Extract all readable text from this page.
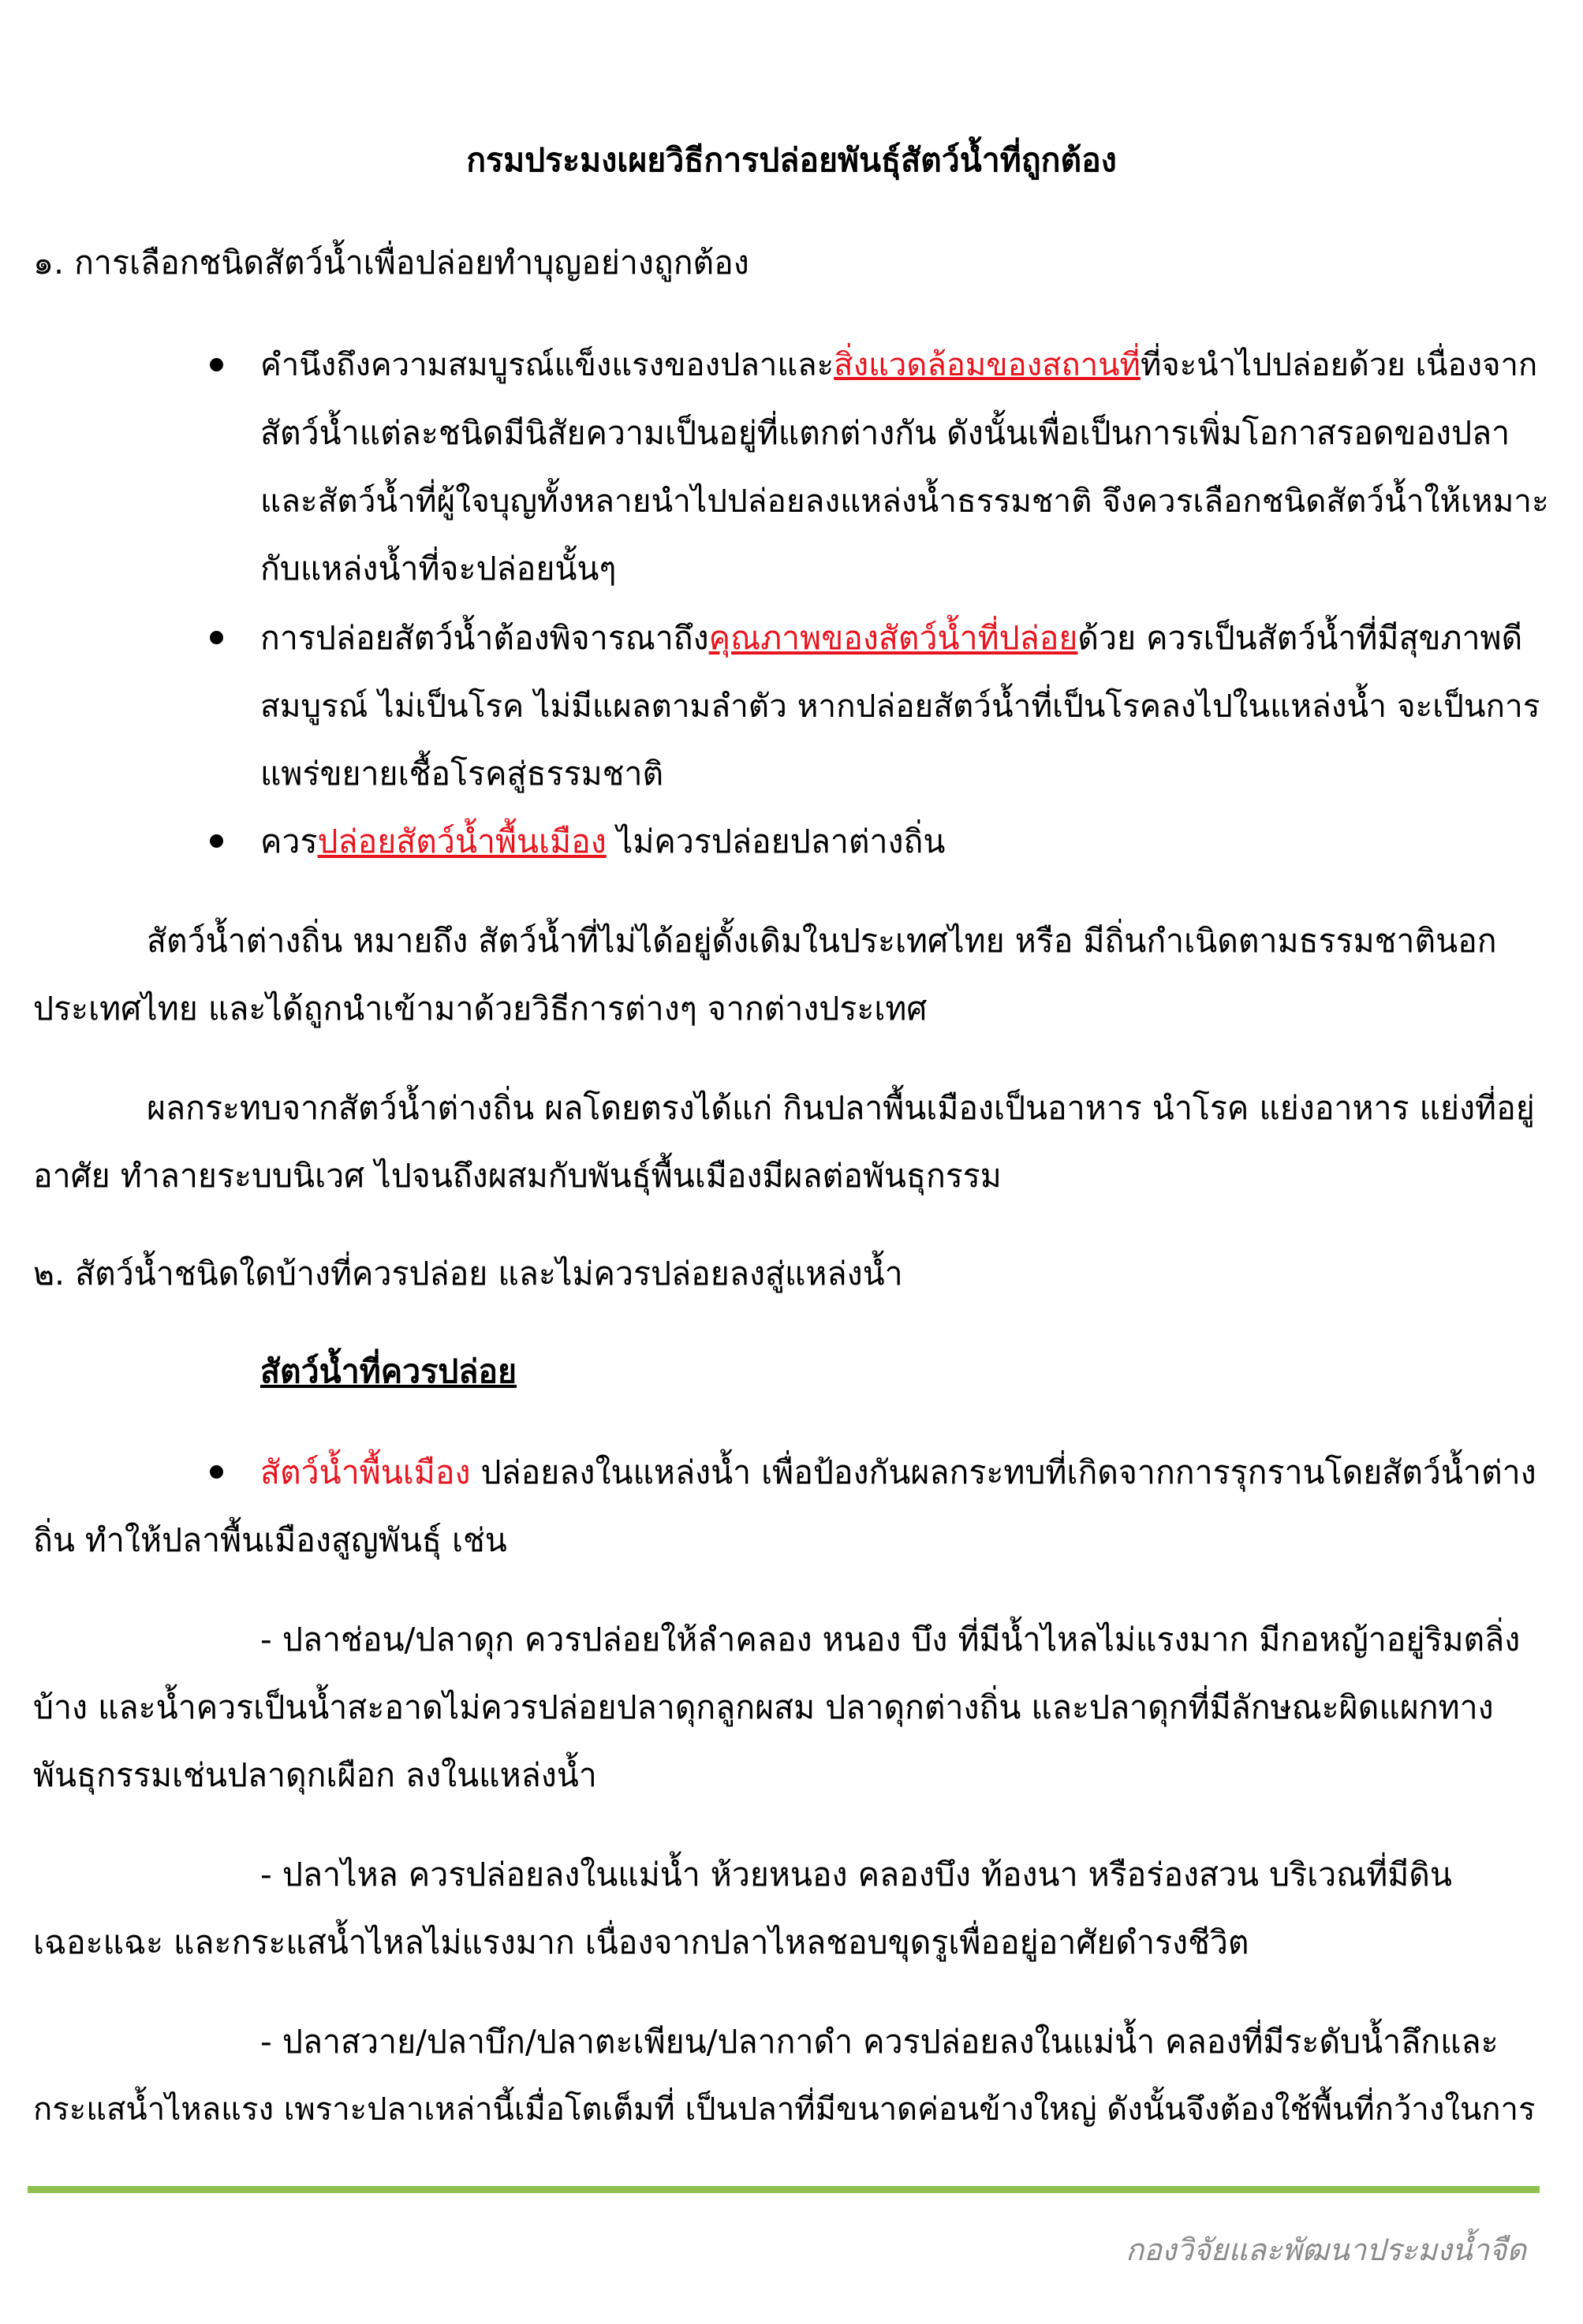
กรมประมงเผยวิธีการปล่อยพันธุ์สัตว์น้ำที่ถูกต้อง

๑. การเลือกชนิดสัตว์น้ำเพื่อปล่อยทำบุญอย่างถูกต้อง

คำนึงถึงความสมบูรณ์แข็งแรงของปลาและสิ่งแวดล้อมของสถานที่ที่จะนำไปปล่อยด้วย เนื่องจาก

สัตว์น้ำแต่ละชนิดมีนิสัยความเป็นอยู่ที่แตกต่างกัน ดังนั้นเพื่อเป็นการเพิ่มโอกาสรอดของปลา

และสัตว์น้ำที่ผู้ใจบุญทั้งหลายนำไปปล่อยลงแหล่งน้ำธรรมชาติ จึงควรเลือกชนิดสัตว์น้ำให้เหมาะ

กับแหล่งน้ำที่จะปล่อยนั้นๆ

การปล่อยสัตว์น้ำต้องพิจารณาถึงคุณภาพของสัตว์น้ำที่ปล่อยด้วย ควรเป็นสัตว์น้ำที่มีสุขภาพดี

สมบูรณ์ ไม่เป็นโรค ไม่มีแผลตามลำตัว หากปล่อยสัตว์น้ำที่เป็นโรคลงไปในแหล่งน้ำ จะเป็นการ

แพร่ขยายเชื้อโรคสู่ธรรมชาติ

ควรปล่อยสัตว์น้ำพื้นเมือง ไม่ควรปล่อยปลาต่างถิ่น

สัตว์น้ำต่างถิ่น หมายถึง สัตว์น้ำที่ไม่ได้อยู่ดั้งเดิมในประเทศไทย หรือ มีถิ่นกำเนิดตามธรรมชาตินอก

ประเทศไทย และได้ถูกนำเข้ามาด้วยวิธีการต่างๆ จากต่างประเทศ

ผลกระทบจากสัตว์น้ำต่างถิ่น ผลโดยตรงได้แก่ กินปลาพื้นเมืองเป็นอาหาร นำโรค แย่งอาหาร แย่งที่อยู่

อาศัย ทำลายระบบนิเวศ ไปจนถึงผสมกับพันธุ์พื้นเมืองมีผลต่อพันธุกรรม

๒. สัตว์น้ำชนิดใดบ้างที่ควรปล่อย และไม่ควรปล่อยลงสู่แหล่งน้ำ

สัตว์น้ำที่ควรปล่อย

สัตว์น้ำพื้นเมือง ปล่อยลงในแหล่งน้ำ เพื่อป้องกันผลกระทบที่เกิดจากการรุกรานโดยสัตว์น้ำต่าง

ถิ่น ทำให้ปลาพื้นเมืองสูญพันธุ์ เช่น

- ปลาช่อน/ปลาดุก ควรปล่อยให้ลำคลอง หนอง บึง ที่มีน้ำไหลไม่แรงมาก มีกอหญ้าอยู่ริมตลิ่ง

บ้าง และน้ำควรเป็นน้ำสะอาดไม่ควรปล่อยปลาดุกลูกผสม ปลาดุกต่างถิ่น และปลาดุกที่มีลักษณะผิดแผกทาง

พันธุกรรมเช่นปลาดุกเผือก ลงในแหล่งน้ำ

- ปลาไหล ควรปล่อยลงในแม่น้ำ ห้วยหนอง คลองบึง ท้องนา หรือร่องสวน บริเวณที่มีดิน

เฉอะแฉะ และกระแสน้ำไหลไม่แรงมาก เนื่องจากปลาไหลชอบขุดรูเพื่ออยู่อาศัยดำรงชีวิต

- ปลาสวาย/ปลาบึก/ปลาตะเพียน/ปลากาดำ ควรปล่อยลงในแม่น้ำ คลองที่มีระดับน้ำลึกและ

กระแสน้ำไหลแรง เพราะปลาเหล่านี้เมื่อโตเต็มที่ เป็นปลาที่มีขนาดค่อนข้างใหญ่ ดังนั้นจึงต้องใช้พื้นที่กว้างในการ

กองวิจัยและพัฒนาประมงน้ำจืด
